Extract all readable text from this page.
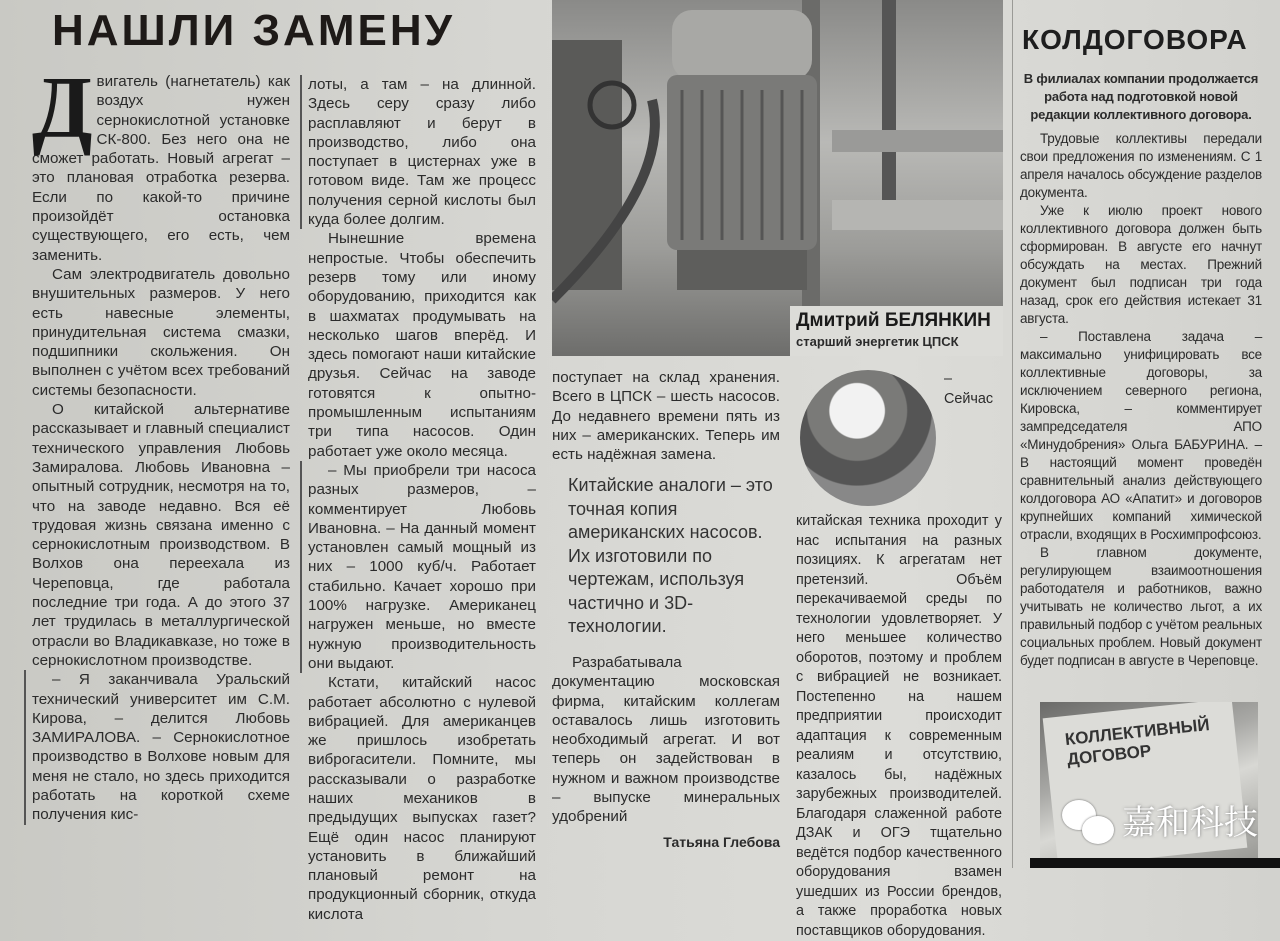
НАШЛИ ЗАМЕНУ

Двигатель (нагнетатель) как воздух нужен сернокислотной установке СК-800. Без него она не сможет работать. Новый агрегат – это плановая отработка резерва. Если по какой-то причине произойдёт остановка существующего, его есть, чем заменить.

Сам электродвигатель довольно внушительных размеров. У него есть навесные элементы, принудительная система смазки, подшипники скольжения. Он выполнен с учётом всех требований системы безопасности.

О китайской альтернативе рассказывает и главный специалист технического управления Любовь Замиралова. Любовь Ивановна – опытный сотрудник, несмотря на то, что на заводе недавно. Вся её трудовая жизнь связана именно с сернокислотным производством. В Волхов она переехала из Череповца, где работала последние три года. А до этого 37 лет трудилась в металлургической отрасли во Владикавказе, но тоже в сернокислотном производстве.

– Я заканчивала Уральский технический университет им С.М. Кирова, – делится Любовь ЗАМИРАЛОВА. – Сернокислотное производство в Волхове новым для меня не стало, но здесь приходится работать на короткой схеме получения кис-

лоты, а там – на длинной. Здесь серу сразу либо расплавляют и берут в производство, либо она поступает в цистернах уже в готовом виде. Там же процесс получения серной кислоты был куда более долгим.

Нынешние времена непростые. Чтобы обеспечить резерв тому или иному оборудованию, приходится как в шахматах продумывать на несколько шагов вперёд. И здесь помогают наши китайские друзья. Сейчас на заводе готовятся к опытно-промышленным испытаниям три типа насосов. Один работает уже около месяца.

– Мы приобрели три насоса разных размеров, – комментирует Любовь Ивановна. – На данный момент установлен самый мощный из них – 1000 куб/ч. Работает стабильно. Качает хорошо при 100% нагрузке. Американец нагружен меньше, но вместе нужную производительность они выдают.

Кстати, китайский насос работает абсолютно с нулевой вибрацией. Для американцев же пришлось изобретать виброгасители. Помните, мы рассказывали о разработке наших механиков в предыдущих выпусках газет? Ещё один насос планируют установить в ближайший плановый ремонт на продукционный сборник, откуда кислота

Дмитрий БЕЛЯНКИН
старший энергетик ЦПСК

поступает на склад хранения. Всего в ЦПСК – шесть насосов. До недавнего времени пять из них – американских. Теперь им есть надёжная замена.

Китайские аналоги – это точная копия американских насосов. Их изготовили по чертежам, используя частично и 3D-технологии.

Разрабатывала документацию московская фирма, китайским коллегам оставалось лишь изготовить необходимый агрегат. И вот теперь он задействован в нужном и важном производстве – выпуске минеральных удобрений

Татьяна Глебова

– Сейчас китайская техника проходит у нас испытания на разных позициях. К агрегатам нет претензий. Объём перекачиваемой среды по технологии удовлетворяет. У него меньшее количество оборотов, поэтому и проблем с вибрацией не возникает. Постепенно на нашем предприятии происходит адаптация к современным реалиям и отсутствию, казалось бы, надёжных зарубежных производителей. Благодаря слаженной работе ДЗАК и ОГЭ тщательно ведётся подбор качественного оборудования взамен ушедших из России брендов, а также проработка новых поставщиков оборудования.

КОЛДОГОВОРА

В филиалах компании продолжается работа над подготовкой новой редакции коллективного договора.

Трудовые коллективы передали свои предложения по изменениям. С 1 апреля началось обсуждение разделов документа.

Уже к июлю проект нового коллективного договора должен быть сформирован. В августе его начнут обсуждать на местах. Прежний документ был подписан три года назад, срок его действия истекает 31 августа.

– Поставлена задача – максимально унифицировать все коллективные договоры, за исключением северного региона, Кировска, – комментирует зампредседателя АПО «Минудобрения» Ольга БАБУРИНА. – В настоящий момент проведён сравнительный анализ действующего колдоговора АО «Апатит» и договоров крупнейших компаний химической отрасли, входящих в Росхимпрофсоюз.

В главном документе, регулирующем взаимоотношения работодателя и работников, важно учитывать не количество льгот, а их правильный подбор с учётом реальных социальных проблем. Новый документ будет подписан в августе в Череповце.

КОЛЛЕКТИВНЫЙ ДОГОВОР
嘉和科技
